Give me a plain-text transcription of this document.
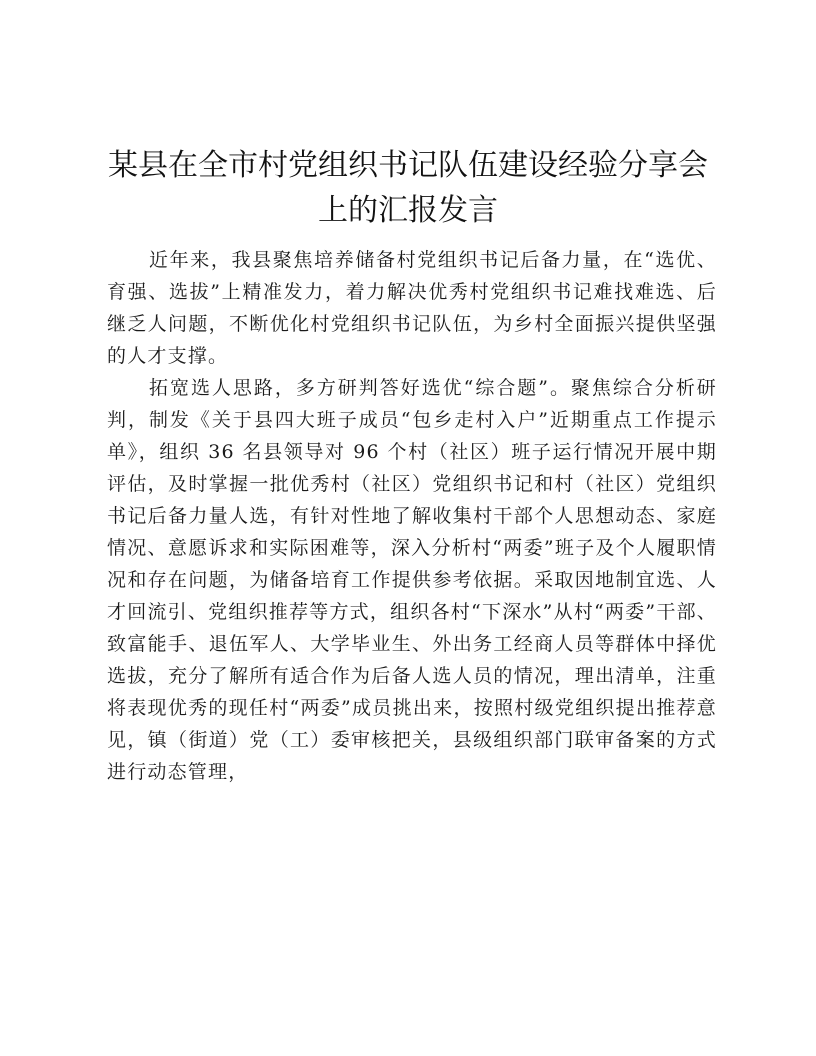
某县在全市村党组织书记队伍建设经验分享会上的汇报发言

近年来，我县聚焦培养储备村党组织书记后备力量，在“选优、育强、选拔”上精准发力，着力解决优秀村党组织书记难找难选、后继乏人问题，不断优化村党组织书记队伍，为乡村全面振兴提供坚强的人才支撑。

拓宽选人思路，多方研判答好选优“综合题”。聚焦综合分析研判，制发《关于县四大班子成员“包乡走村入户”近期重点工作提示单》，组织 36 名县领导对 96 个村（社区）班子运行情况开展中期评估，及时掌握一批优秀村（社区）党组织书记和村（社区）党组织书记后备力量人选，有针对性地了解收集村干部个人思想动态、家庭情况、意愿诉求和实际困难等，深入分析村“两委”班子及个人履职情况和存在问题，为储备培育工作提供参考依据。采取因地制宜选、人才回流引、党组织推荐等方式，组织各村“下深水”从村“两委”干部、致富能手、退伍军人、大学毕业生、外出务工经商人员等群体中择优选拔，充分了解所有适合作为后备人选人员的情况，理出清单，注重将表现优秀的现任村“两委”成员挑出来，按照村级党组织提出推荐意见，镇（街道）党（工）委审核把关，县级组织部门联审备案的方式进行动态管理，
